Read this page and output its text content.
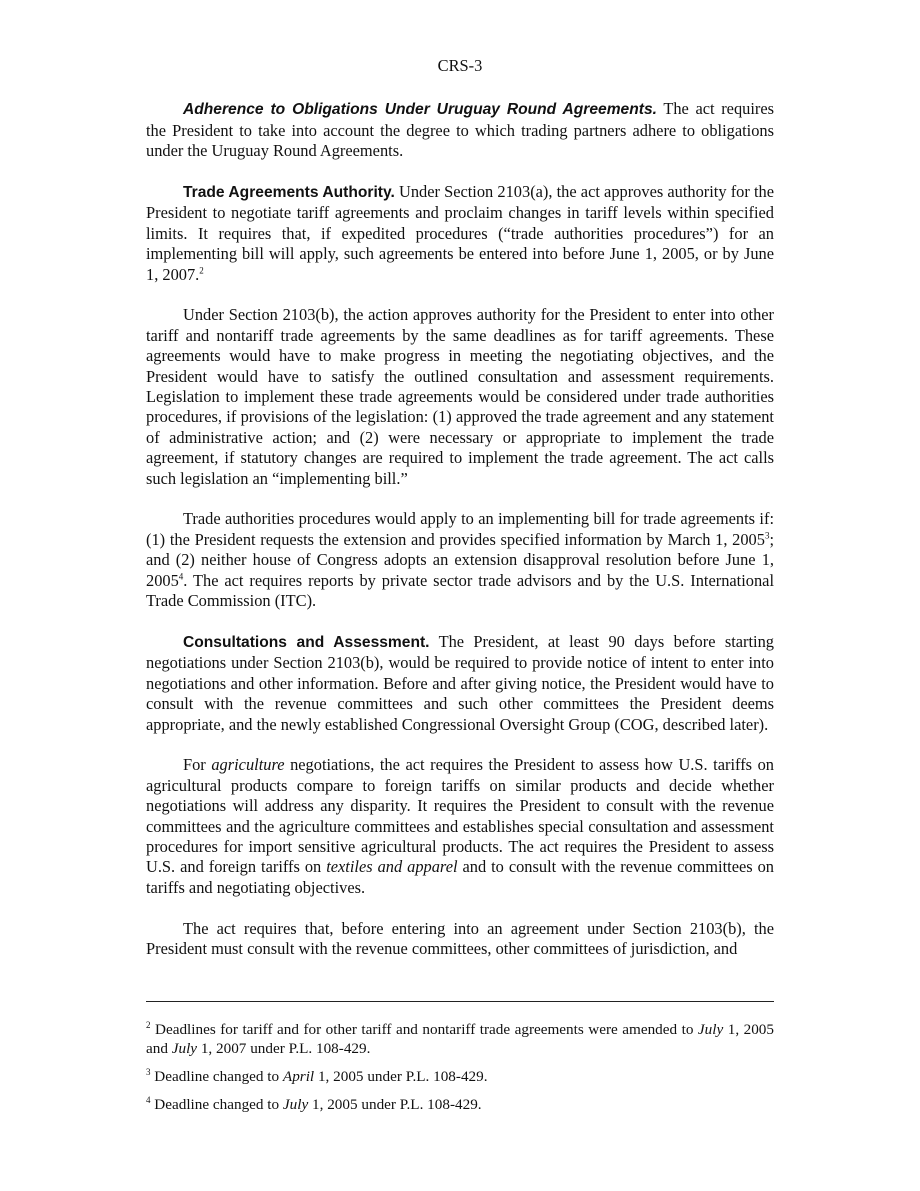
CRS-3

Adherence to Obligations Under Uruguay Round Agreements. The act requires the President to take into account the degree to which trading partners adhere to obligations under the Uruguay Round Agreements.

Trade Agreements Authority. Under Section 2103(a), the act approves authority for the President to negotiate tariff agreements and proclaim changes in tariff levels within specified limits. It requires that, if expedited procedures (“trade authorities procedures”) for an implementing bill will apply, such agreements be entered into before June 1, 2005, or by June 1, 2007.$^2$

Under Section 2103(b), the action approves authority for the President to enter into other tariff and nontariff trade agreements by the same deadlines as for tariff agreements. These agreements would have to make progress in meeting the negotiating objectives, and the President would have to satisfy the outlined consultation and assessment requirements. Legislation to implement these trade agreements would be considered under trade authorities procedures, if provisions of the legislation: (1) approved the trade agreement and any statement of administrative action; and (2) were necessary or appropriate to implement the trade agreement, if statutory changes are required to implement the trade agreement. The act calls such legislation an “implementing bill.”

Trade authorities procedures would apply to an implementing bill for trade agreements if: (1) the President requests the extension and provides specified information by March 1, 2005$^3$; and (2) neither house of Congress adopts an extension disapproval resolution before June 1, 2005$^4$. The act requires reports by private sector trade advisors and by the U.S. International Trade Commission (ITC).

Consultations and Assessment. The President, at least 90 days before starting negotiations under Section 2103(b), would be required to provide notice of intent to enter into negotiations and other information. Before and after giving notice, the President would have to consult with the revenue committees and such other committees the President deems appropriate, and the newly established Congressional Oversight Group (COG, described later).

For agriculture negotiations, the act requires the President to assess how U.S. tariffs on agricultural products compare to foreign tariffs on similar products and decide whether negotiations will address any disparity. It requires the President to consult with the revenue committees and the agriculture committees and establishes special consultation and assessment procedures for import sensitive agricultural products. The act requires the President to assess U.S. and foreign tariffs on textiles and apparel and to consult with the revenue committees on tariffs and negotiating objectives.

The act requires that, before entering into an agreement under Section 2103(b), the President must consult with the revenue committees, other committees of jurisdiction, and

$^2$ Deadlines for tariff and for other tariff and nontariff trade agreements were amended to July 1, 2005 and July 1, 2007 under P.L. 108-429.
$^3$ Deadline changed to April 1, 2005 under P.L. 108-429.
$^4$ Deadline changed to July 1, 2005 under P.L. 108-429.
